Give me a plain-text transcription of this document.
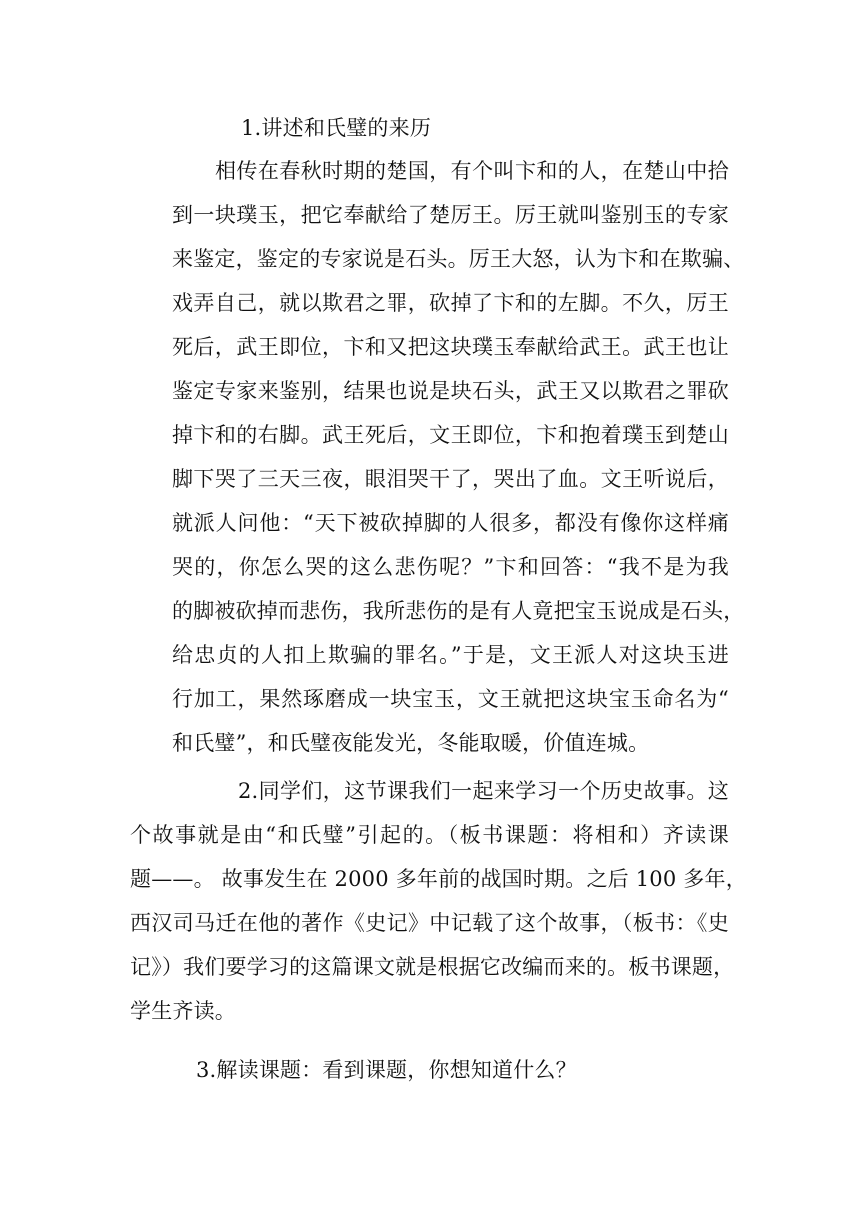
1.讲述和氏璧的来历
相传在春秋时期的楚国，有个叫卞和的人，在楚山中拾
到一块璞玉，把它奉献给了楚厉王。厉王就叫鉴别玉的专家
来鉴定，鉴定的专家说是石头。厉王大怒，认为卞和在欺骗、
戏弄自己，就以欺君之罪，砍掉了卞和的左脚。不久，厉王
死后，武王即位，卞和又把这块璞玉奉献给武王。武王也让
鉴定专家来鉴别，结果也说是块石头，武王又以欺君之罪砍
掉卞和的右脚。武王死后，文王即位，卞和抱着璞玉到楚山
脚下哭了三天三夜，眼泪哭干了，哭出了血。文王听说后，
就派人问他：“天下被砍掉脚的人很多，都没有像你这样痛
哭的，你怎么哭的这么悲伤呢？”卞和回答：“我不是为我
的脚被砍掉而悲伤，我所悲伤的是有人竟把宝玉说成是石头，
给忠贞的人扣上欺骗的罪名。”于是，文王派人对这块玉进
行加工，果然琢磨成一块宝玉，文王就把这块宝玉命名为“
和氏璧”，和氏璧夜能发光，冬能取暖，价值连城。
2.同学们，这节课我们一起来学习一个历史故事。这
个故事就是由“和氏璧”引起的。（板书课题：将相和）齐读课
题——。 故事发生在 2000 多年前的战国时期。之后 100 多年，
西汉司马迁在他的著作《史记》中记载了这个故事，（板书：《史
记》）我们要学习的这篇课文就是根据它改编而来的。板书课题，
学生齐读。
3.解读课题：看到课题，你想知道什么？
